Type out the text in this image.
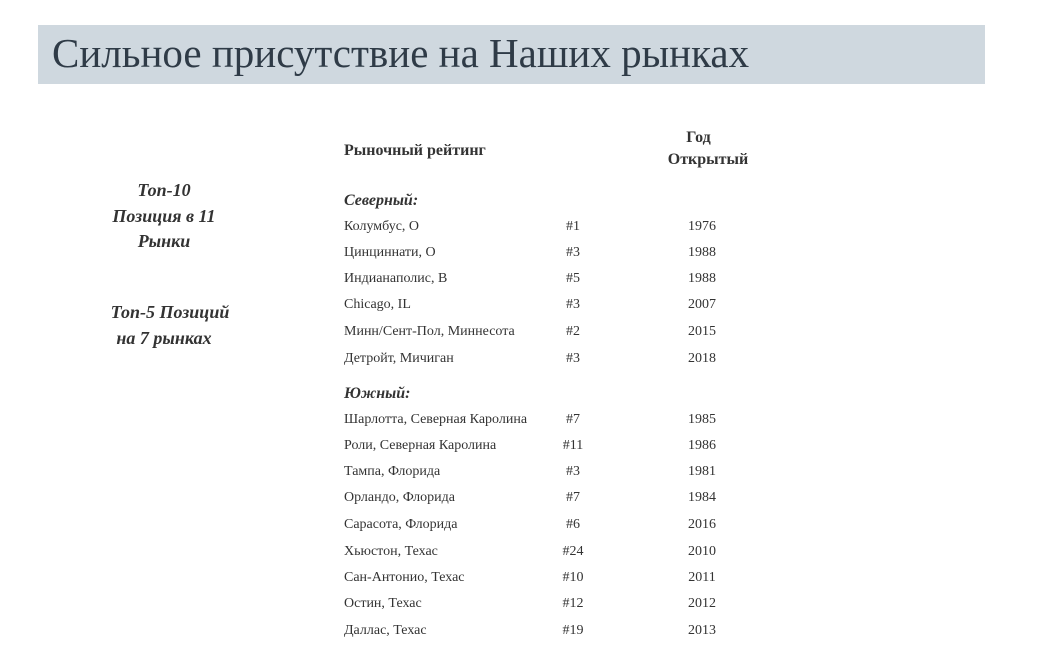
Сильное присутствие на Наших рынках
Топ-10
Позиция в 11
Рынки
Топ-5 Позиций
на 7 рынках
Рыночный рейтинг
Год
Открытый
Северный:
Колумбус, О	#1	1976
Цинциннати, О	#3	1988
Индианаполис, В	#5	1988
Chicago, IL	#3	2007
Минн/Сент-Пол, Миннесота	#2	2015
Детройт, Мичиган	#3	2018
Южный:
Шарлотта, Северная Каролина	#7	1985
Роли, Северная Каролина	#11	1986
Тампа, Флорида	#3	1981
Орландо, Флорида	#7	1984
Сарасота, Флорида	#6	2016
Хьюстон, Техас	#24	2010
Сан-Антонио, Техас	#10	2011
Остин, Техас	#12	2012
Даллас, Техас	#19	2013
